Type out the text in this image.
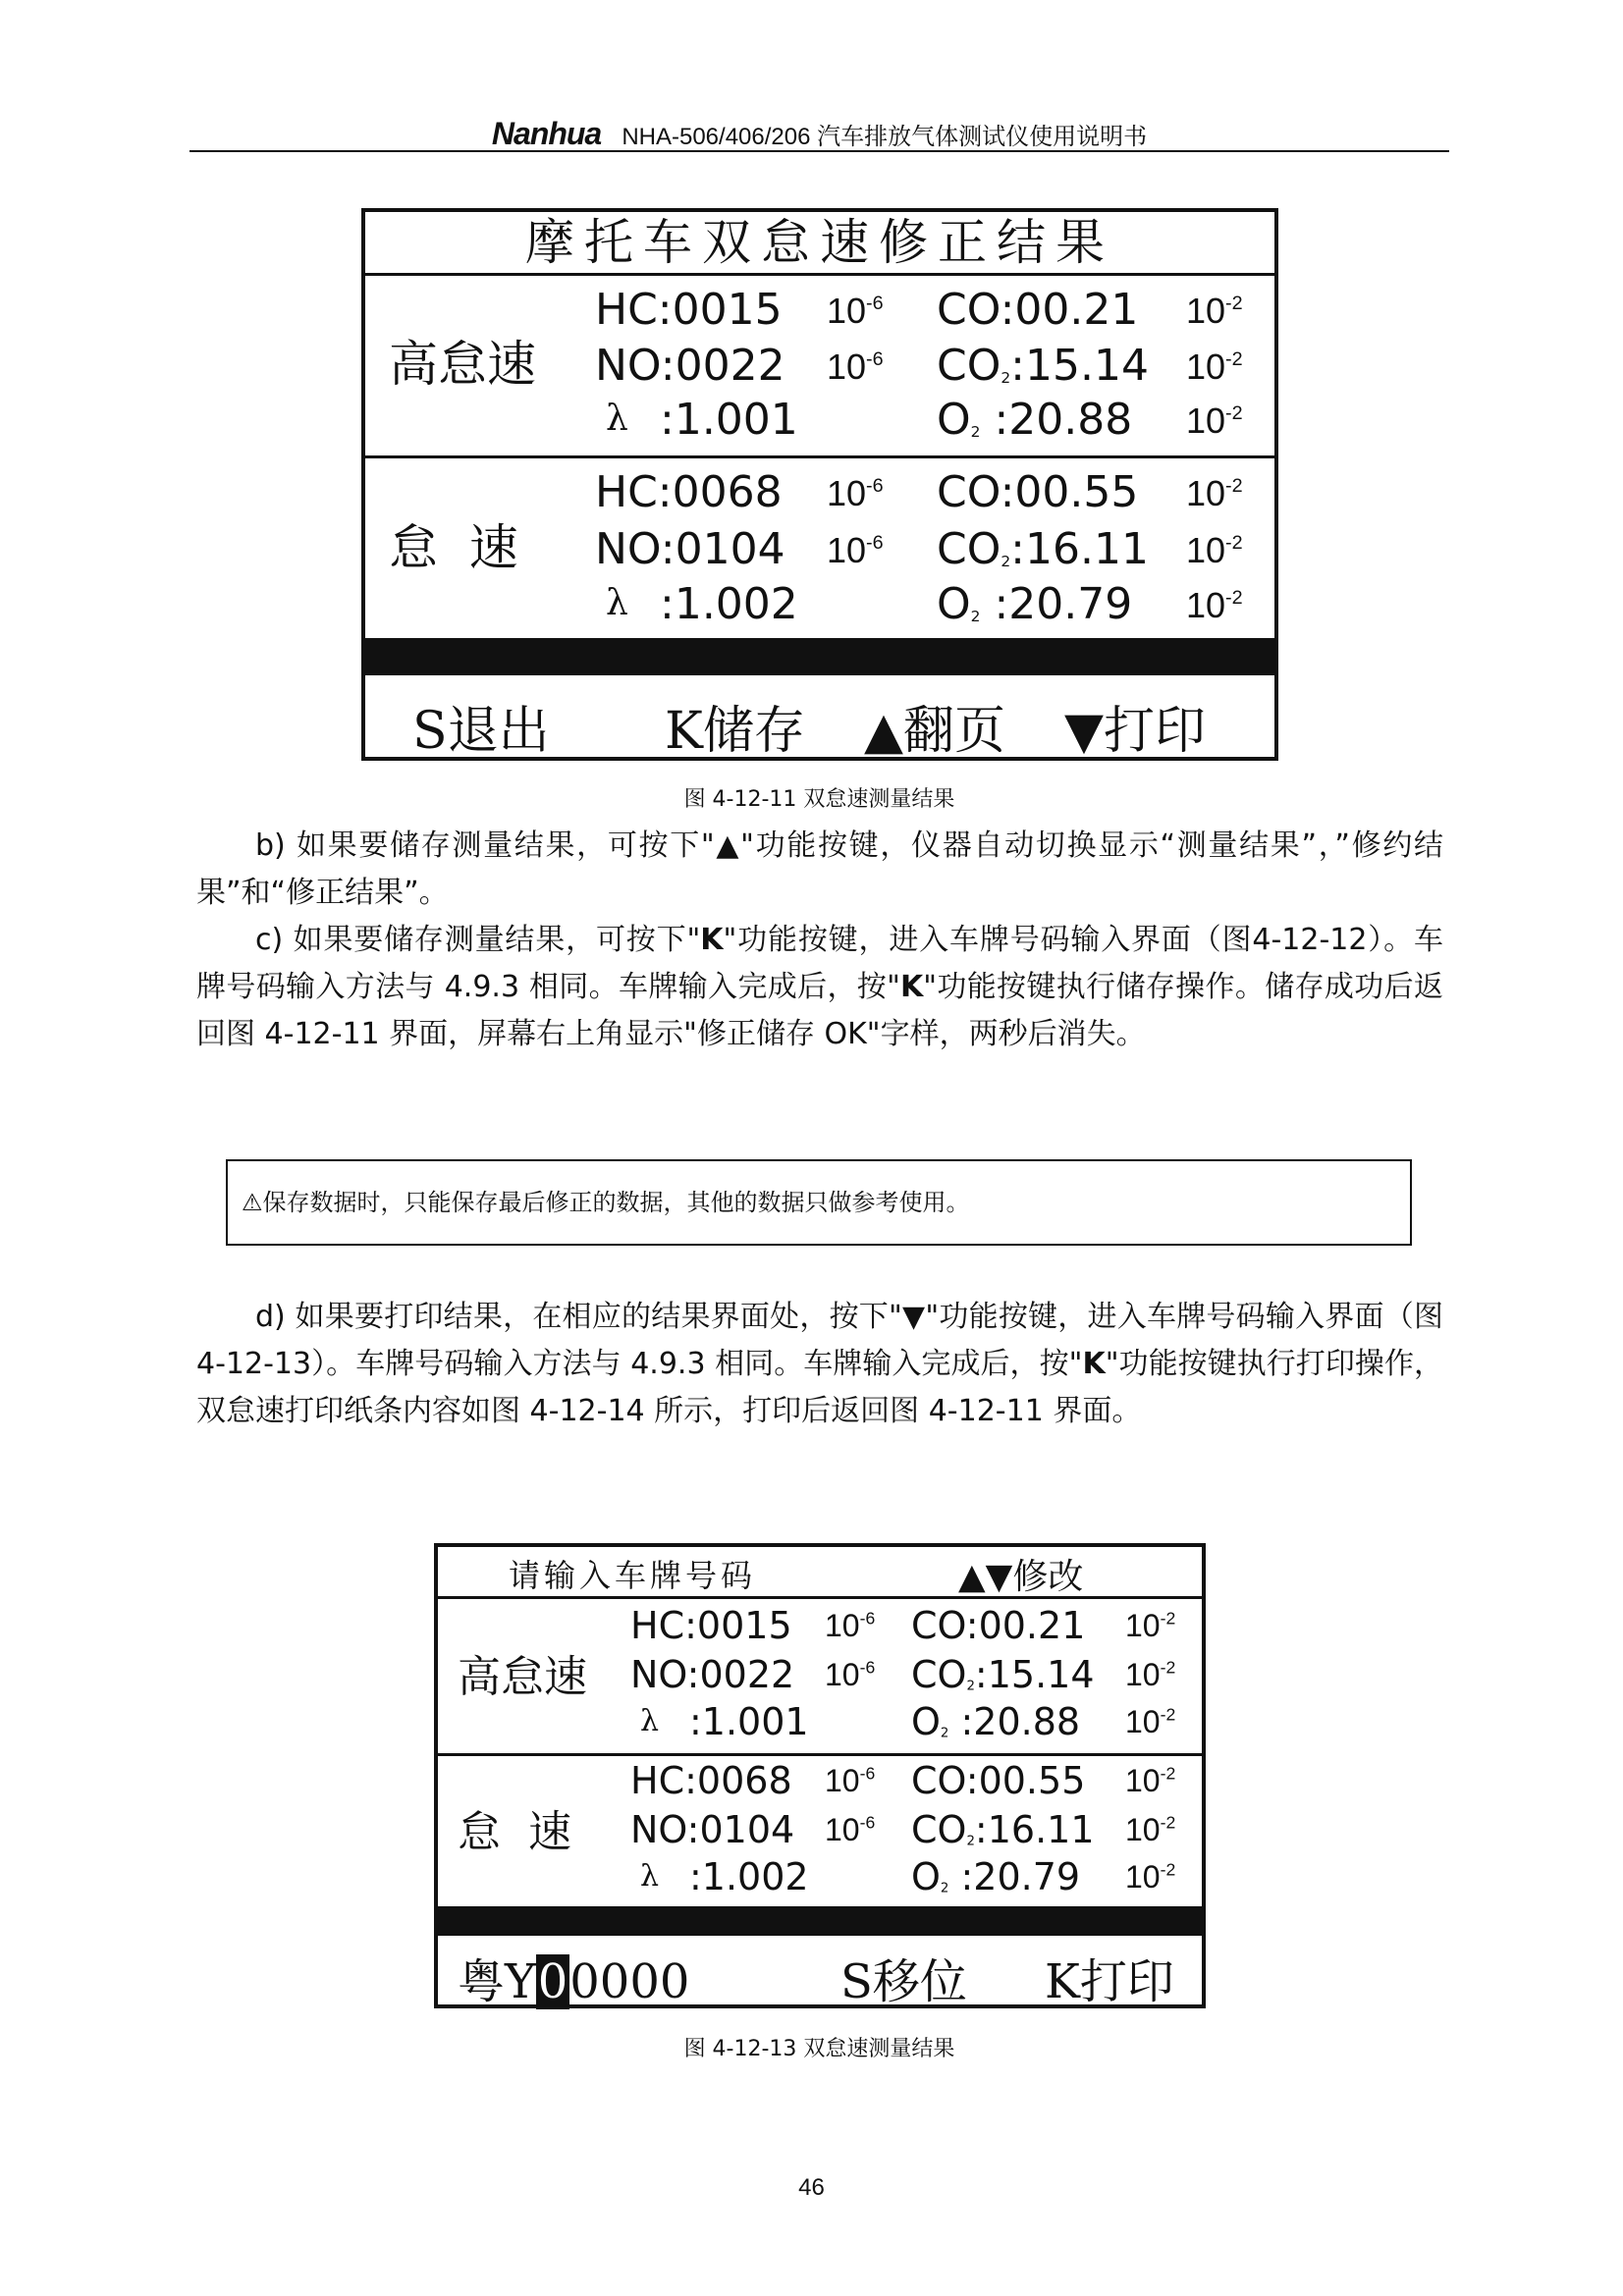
Nanhua NHA-506/406/206 汽车排放气体测试仪使用说明书
摩托车双怠速修正结果
高怠速
HC:0015 $10^{-6}$
NO:0022 $10^{-6}$
λ :1.001
CO:00.21 $10^{-2}$
CO2:15.14 $10^{-2}$
O2 :20.88 $10^{-2}$
怠  速
HC:0068 $10^{-6}$
NO:0104 $10^{-6}$
λ :1.002
CO:00.55 $10^{-2}$
CO2:16.11 $10^{-2}$
O2 :20.79 $10^{-2}$
S退出 K储存 ▲翻页 ▼打印
图 4-12-11 双怠速测量结果

b) 如果要储存测量结果，可按下"▲"功能按键，仪器自动切换显示“测量结果”，”修约结果”和“修正结果”。

c) 如果要储存测量结果，可按下"K"功能按键，进入车牌号码输入界面（图4-12-12）。车牌号码输入方法与 4.9.3 相同。车牌输入完成后，按"K"功能按键执行储存操作。储存成功后返回图 4-12-11 界面，屏幕右上角显示"修正储存 OK"字样，两秒后消失。

⚠保存数据时，只能保存最后修正的数据，其他的数据只做参考使用。

d) 如果要打印结果，在相应的结果界面处，按下"▼"功能按键，进入车牌号码输入界面（图 4-12-13）。车牌号码输入方法与 4.9.3 相同。车牌输入完成后，按"K"功能按键执行打印操作，双怠速打印纸条内容如图 4-12-14 所示，打印后返回图 4-12-11 界面。

请输入车牌号码	▲▼修改
高怠速
HC:0015 $10^{-6}$
NO:0022 $10^{-6}$
λ :1.001
CO:00.21 $10^{-2}$
CO2:15.14 $10^{-2}$
O2 :20.88 $10^{-2}$
怠  速
HC:0068 $10^{-6}$
NO:0104 $10^{-6}$
λ :1.002
CO:00.55 $10^{-2}$
CO2:16.11 $10^{-2}$
O2 :20.79 $10^{-2}$
粤Y00000	S移位 K打印
图 4-12-13 双怠速测量结果
46
